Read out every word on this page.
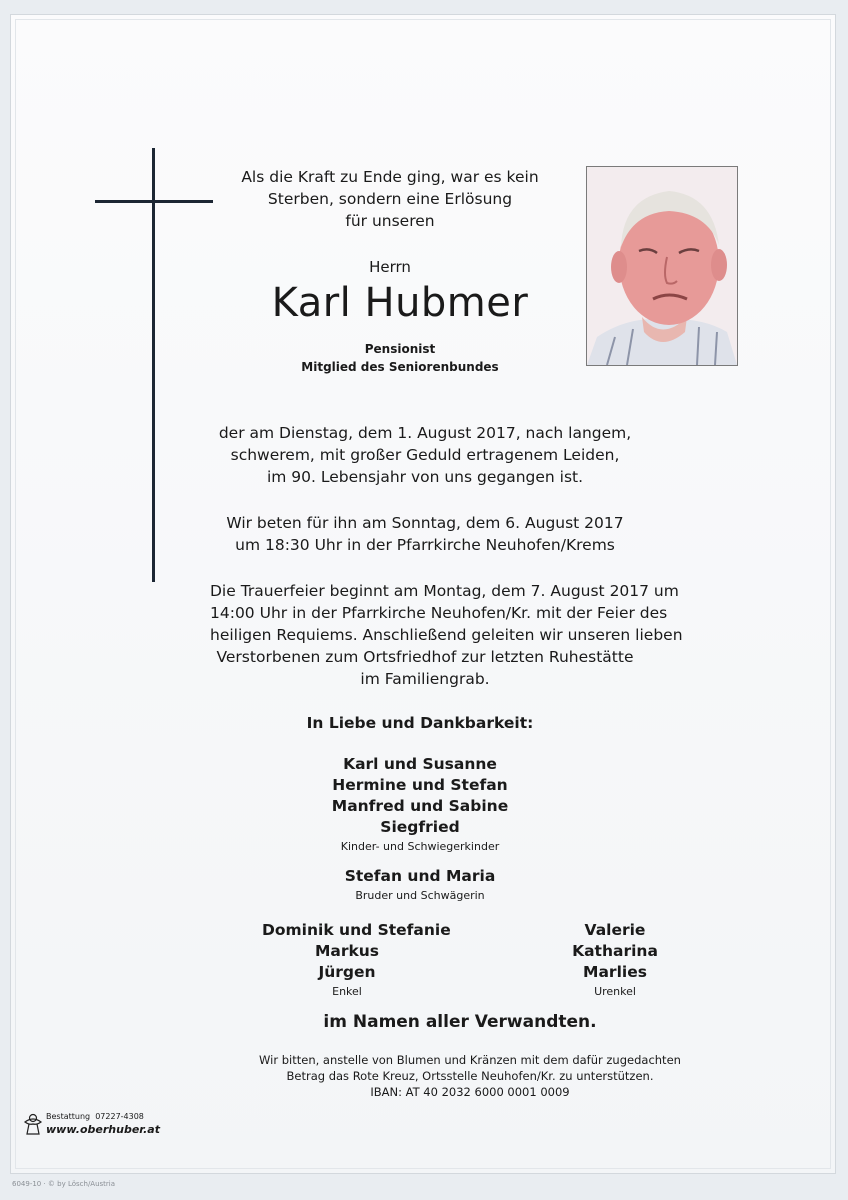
Als die Kraft zu Ende ging, war es kein
Sterben, sondern eine Erlösung
für unseren
Herrn
Karl Hubmer
Pensionist
Mitglied des Seniorenbundes
der am Dienstag, dem 1. August 2017, nach langem,
schwerem, mit großer Geduld ertragenem Leiden,
im 90. Lebensjahr von uns gegangen ist.
Wir beten für ihn am Sonntag, dem 6. August 2017
um 18:30 Uhr in der Pfarrkirche Neuhofen/Krems
Die Trauerfeier beginnt am Montag, dem 7. August 2017 um
14:00 Uhr in der Pfarrkirche Neuhofen/Kr. mit der Feier des
heiligen Requiems. Anschließend geleiten wir unseren lieben
Verstorbenen zum Ortsfriedhof zur letzten Ruhestätte
im Familiengrab.
In Liebe und Dankbarkeit:
Karl und Susanne
Hermine und Stefan
Manfred und Sabine
Siegfried
Kinder- und Schwiegerkinder
Stefan und Maria
Bruder und Schwägerin
Dominik und Stefanie
Markus
Jürgen
Enkel
Valerie
Katharina
Marlies
Urenkel
im Namen aller Verwandten.
Wir bitten, anstelle von Blumen und Kränzen mit dem dafür zugedachten
Betrag das Rote Kreuz, Ortsstelle Neuhofen/Kr. zu unterstützen.
IBAN: AT 40 2032 6000 0001 0009
Bestattung 07227-4308
www.oberhuber.at
6049-10 · © by Lösch/Austria
